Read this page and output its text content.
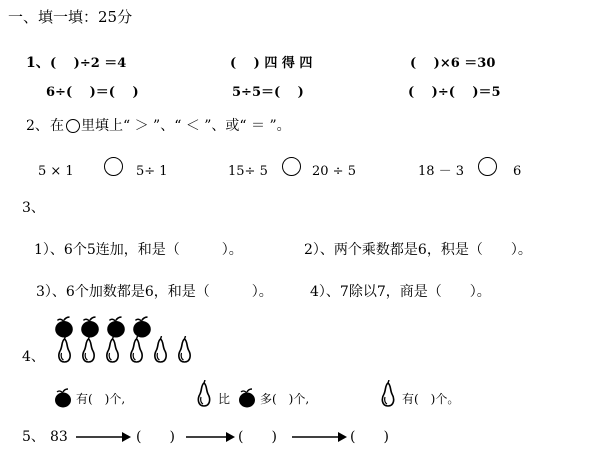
一、填一填：25分
1、 (　 )÷2 ＝4	(　 ) 四 得 四	(　 )×6 ＝30
6÷(　 )＝(　 )	5÷5＝(　 )	(　 )÷(　 )＝5
2、 在 里填上“ ＞ ”、“ ＜ ”、或“ ＝ ”。
5 × 1	5÷ 1	15÷ 5	20 ÷ 5	18 － 3	6
3、
1）、6个5连加，和是（　　　）。	2）、两个乘数都是6，积是（　　）。
3）、6个加数都是6，和是（　　　）。	4）、7除以7，商是（　　）。
4、
有(　)个,	比 多(　)个,	有(　)个。
5、 83	(　　)	(　　)	(　　)
